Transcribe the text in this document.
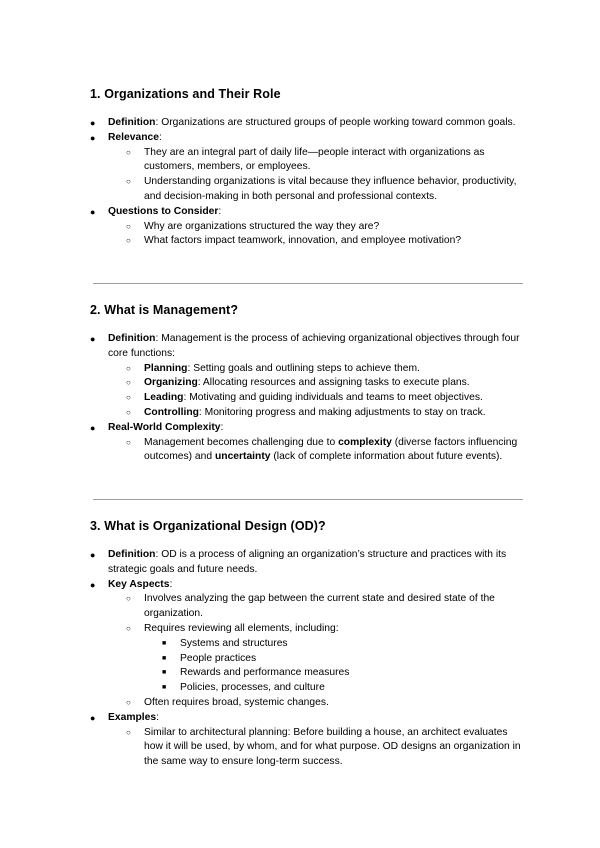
1. Organizations and Their Role
● Definition: Organizations are structured groups of people working toward common goals.
● Relevance:
○ They are an integral part of daily life—people interact with organizations as customers, members, or employees.
○ Understanding organizations is vital because they influence behavior, productivity, and decision-making in both personal and professional contexts.
● Questions to Consider:
○ Why are organizations structured the way they are?
○ What factors impact teamwork, innovation, and employee motivation?
2. What is Management?
● Definition: Management is the process of achieving organizational objectives through four core functions:
○ Planning: Setting goals and outlining steps to achieve them.
○ Organizing: Allocating resources and assigning tasks to execute plans.
○ Leading: Motivating and guiding individuals and teams to meet objectives.
○ Controlling: Monitoring progress and making adjustments to stay on track.
● Real-World Complexity:
○ Management becomes challenging due to complexity (diverse factors influencing outcomes) and uncertainty (lack of complete information about future events).
3. What is Organizational Design (OD)?
● Definition: OD is a process of aligning an organization’s structure and practices with its strategic goals and future needs.
● Key Aspects:
○ Involves analyzing the gap between the current state and desired state of the organization.
○ Requires reviewing all elements, including:
■ Systems and structures
■ People practices
■ Rewards and performance measures
■ Policies, processes, and culture
○ Often requires broad, systemic changes.
● Examples:
○ Similar to architectural planning: Before building a house, an architect evaluates how it will be used, by whom, and for what purpose. OD designs an organization in the same way to ensure long-term success.
